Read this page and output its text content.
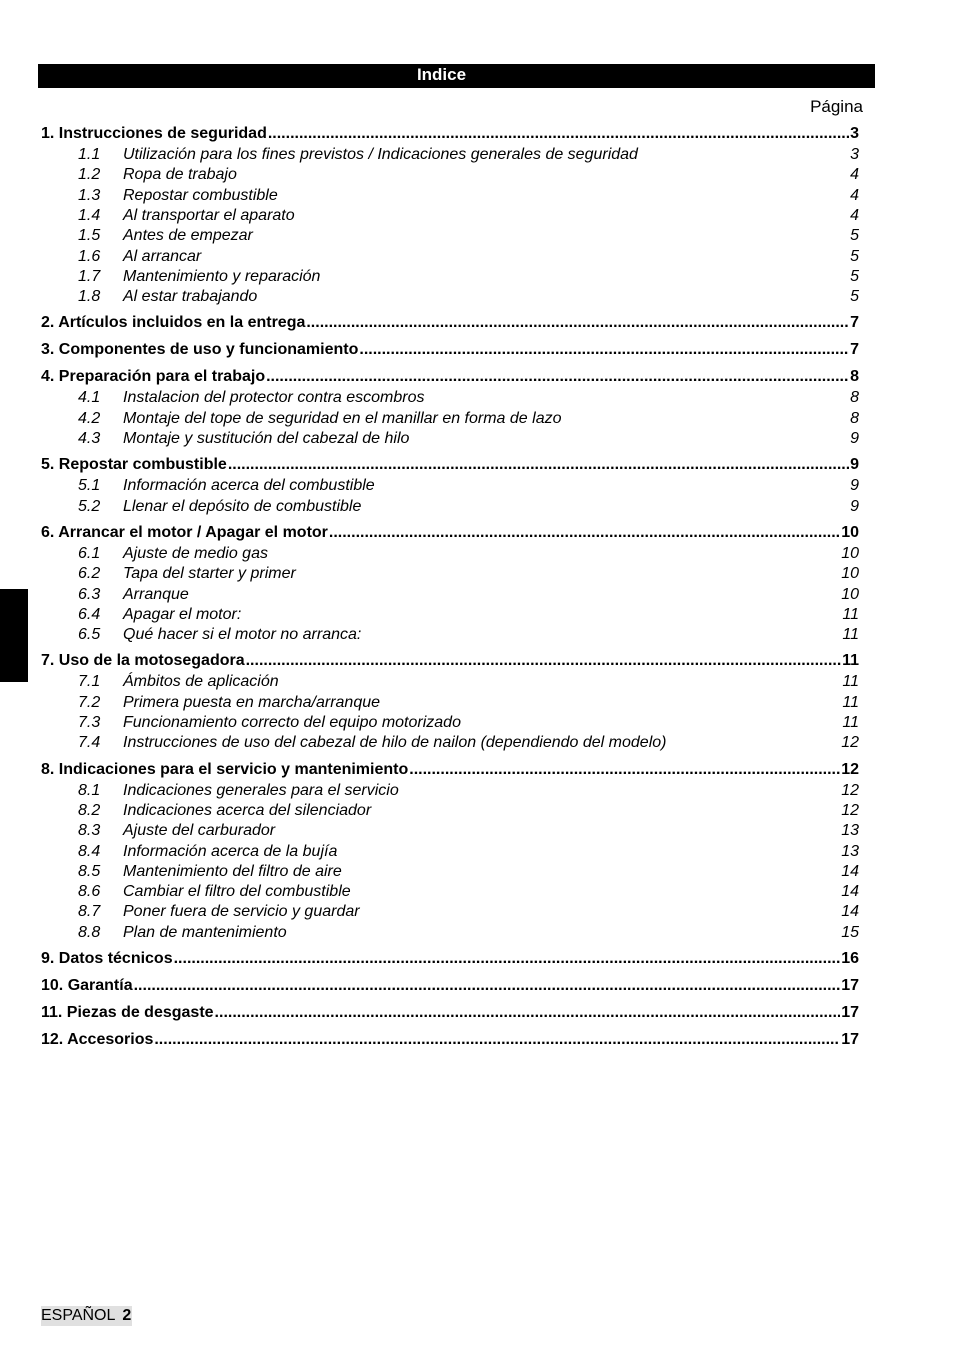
Indice
Página
1. Instrucciones de seguridad .....	3
1.1	Utilización para los fines previstos / Indicaciones generales de seguridad	3
1.2	Ropa de trabajo	4
1.3	Repostar combustible	4
1.4	Al transportar el aparato	4
1.5	Antes de empezar	5
1.6	Al arrancar	5
1.7	Mantenimiento y reparación	5
1.8	Al estar trabajando	5
2. Artículos incluidos en la entrega .....	7
3. Componentes de uso y funcionamiento .....	7
4. Preparación para el trabajo .....	8
4.1	Instalacion del protector contra escombros	8
4.2	Montaje del tope de seguridad en el manillar en forma de lazo	8
4.3	Montaje y sustitución del cabezal de hilo	9
5. Repostar combustible .....	9
5.1	Información acerca del combustible	9
5.2	Llenar el depósito de combustible	9
6. Arrancar el motor / Apagar el motor .....	10
6.1	Ajuste de medio gas	10
6.2	Tapa del starter y primer	10
6.3	Arranque	10
6.4	Apagar el motor:	11
6.5	Qué hacer si el motor no arranca:	11
7. Uso de la motosegadora .....	11
7.1	Ámbitos de aplicación	11
7.2	Primera puesta en marcha/arranque	11
7.3	Funcionamiento correcto del equipo motorizado	11
7.4	Instrucciones de uso del cabezal de hilo de nailon (dependiendo del modelo)	12
8. Indicaciones para el servicio y mantenimiento .....	12
8.1	Indicaciones generales para el servicio	12
8.2	Indicaciones acerca del silenciador	12
8.3	Ajuste del carburador	13
8.4	Información acerca de la bujía	13
8.5	Mantenimiento del filtro de aire	14
8.6	Cambiar el filtro del combustible	14
8.7	Poner fuera de servicio y guardar	14
8.8	Plan de mantenimiento	15
9. Datos técnicos .....	16
10. Garantía .....	17
11. Piezas de desgaste .....	17
12. Accesorios .....	17
ESPAÑOL 2
